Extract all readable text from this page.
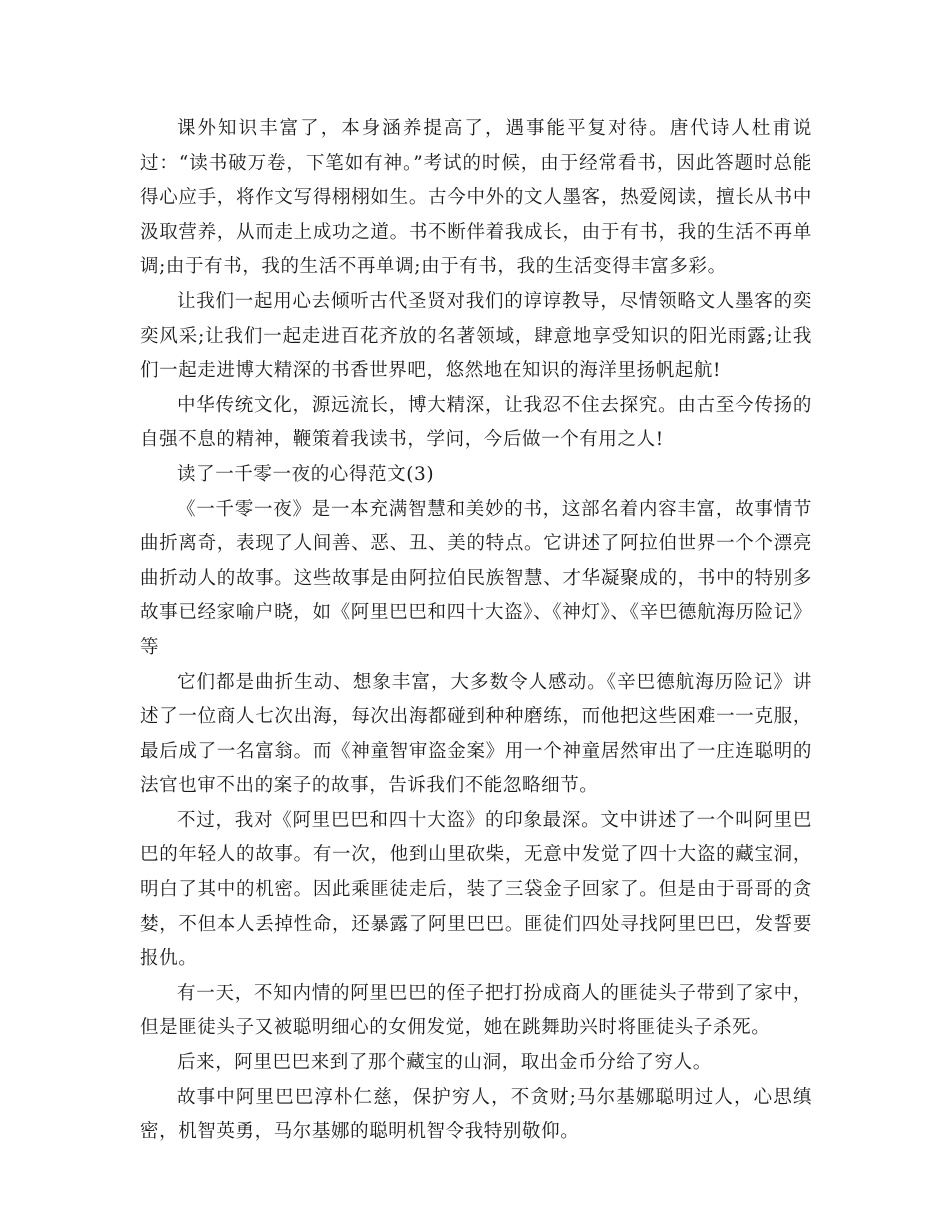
课外知识丰富了，本身涵养提高了，遇事能平复对待。唐代诗人杜甫说过：“读书破万卷，下笔如有神。”考试的时候，由于经常看书，因此答题时总能得心应手，将作文写得栩栩如生。古今中外的文人墨客，热爱阅读，擅长从书中汲取营养，从而走上成功之道。书不断伴着我成长，由于有书，我的生活不再单调;由于有书，我的生活不再单调;由于有书，我的生活变得丰富多彩。

让我们一起用心去倾听古代圣贤对我们的谆谆教导，尽情领略文人墨客的奕奕风采;让我们一起走进百花齐放的名著领域，肆意地享受知识的阳光雨露;让我们一起走进博大精深的书香世界吧，悠然地在知识的海洋里扬帆起航!

中华传统文化，源远流长，博大精深，让我忍不住去探究。由古至今传扬的自强不息的精神，鞭策着我读书，学问，今后做一个有用之人!

读了一千零一夜的心得范文(3)

《一千零一夜》是一本充满智慧和美妙的书，这部名着内容丰富，故事情节曲折离奇，表现了人间善、恶、丑、美的特点。它讲述了阿拉伯世界一个个漂亮曲折动人的故事。这些故事是由阿拉伯民族智慧、才华凝聚成的，书中的特别多故事已经家喻户晓，如《阿里巴巴和四十大盗》、《神灯》、《辛巴德航海历险记》等

它们都是曲折生动、想象丰富，大多数令人感动。《辛巴德航海历险记》讲述了一位商人七次出海，每次出海都碰到种种磨练，而他把这些困难一一克服，最后成了一名富翁。而《神童智审盗金案》用一个神童居然审出了一庄连聪明的法官也审不出的案子的故事，告诉我们不能忽略细节。

不过，我对《阿里巴巴和四十大盗》的印象最深。文中讲述了一个叫阿里巴巴的年轻人的故事。有一次，他到山里砍柴，无意中发觉了四十大盗的藏宝洞，明白了其中的机密。因此乘匪徒走后，装了三袋金子回家了。但是由于哥哥的贪婪，不但本人丢掉性命，还暴露了阿里巴巴。匪徒们四处寻找阿里巴巴，发誓要报仇。

有一天，不知内情的阿里巴巴的侄子把打扮成商人的匪徒头子带到了家中，但是匪徒头子又被聪明细心的女佣发觉，她在跳舞助兴时将匪徒头子杀死。

后来，阿里巴巴来到了那个藏宝的山洞，取出金币分给了穷人。

故事中阿里巴巴淳朴仁慈，保护穷人，不贪财;马尔基娜聪明过人，心思缜密，机智英勇，马尔基娜的聪明机智令我特别敬仰。
